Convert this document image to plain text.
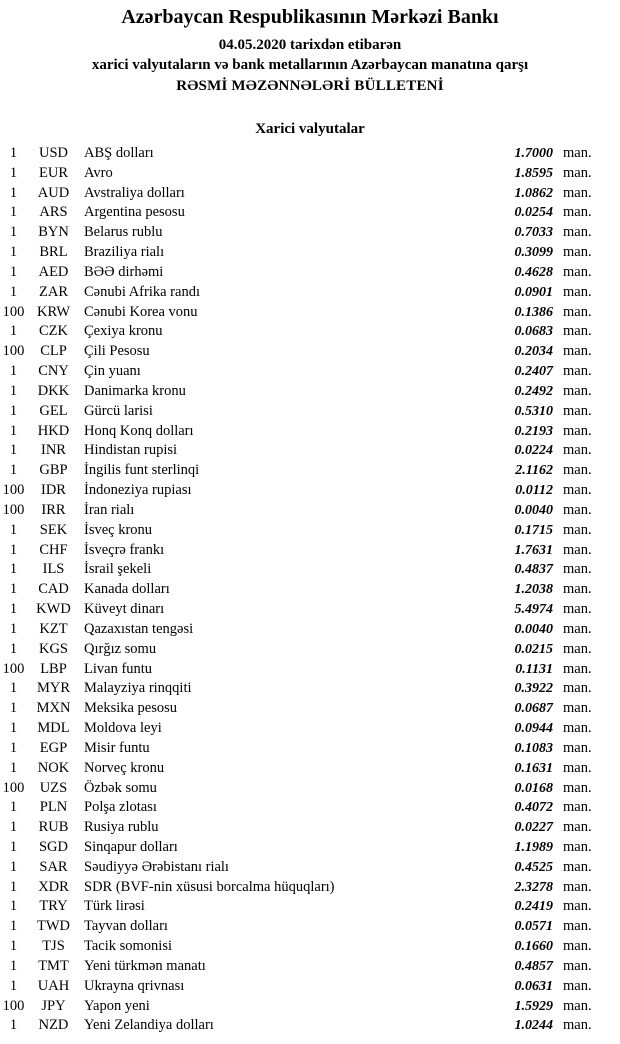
Azərbaycan Respublikasının Mərkəzi Bankı
04.05.2020 tarixdən etibarən
xarici valyutaların və bank metallarının Azərbaycan manatına qarşı
RƏSMİ MƏZƏNNƏLƏRİ BÜLLETENİ
Xarici valyutalar
1	USD	ABŞ dolları	1.7000 man.
1	EUR	Avro	1.8595 man.
1	AUD	Avstraliya dolları	1.0862 man.
1	ARS	Argentina pesosu	0.0254 man.
1	BYN	Belarus rublu	0.7033 man.
1	BRL	Braziliya rialı	0.3099 man.
1	AED	BƏƏ dirhəmi	0.4628 man.
1	ZAR	Cənubi Afrika randı	0.0901 man.
100 KRW Cənubi Korea vonu	0.1386 man.
1	CZK	Çexiya kronu	0.0683 man.
100	CLP	Çili Pesosu	0.2034 man.
1	CNY	Çin yuanı	0.2407 man.
1	DKK	Danimarka kronu	0.2492 man.
1	GEL	Gürcü larisi	0.5310 man.
1	HKD	Honq Konq dolları	0.2193 man.
1	INR	Hindistan rupisi	0.0224 man.
1	GBP	İngilis funt sterlinqi	2.1162 man.
100	IDR	İndoneziya rupiası	0.0112 man.
100	IRR	İran rialı	0.0040 man.
1	SEK	İsveç kronu	0.1715 man.
1	CHF	İsveçrə frankı	1.7631 man.
1	ILS	İsrail şekeli	0.4837 man.
1	CAD	Kanada dolları	1.2038 man.
1	KWD Küveyt dinarı	5.4974 man.
1	KZT	Qazaxıstan tengəsi	0.0040 man.
1	KGS	Qırğız somu	0.0215 man.
100	LBP	Livan funtu	0.1131 man.
1	MYR Malayziya rinqqiti	0.3922 man.
1	MXN Meksika pesosu	0.0687 man.
1	MDL Moldova leyi	0.0944 man.
1	EGP	Misir funtu	0.1083 man.
1	NOK	Norveç kronu	0.1631 man.
100	UZS	Özbək somu	0.0168 man.
1	PLN	Polşa zlotası	0.4072 man.
1	RUB	Rusiya rublu	0.0227 man.
1	SGD	Sinqapur dolları	1.1989 man.
1	SAR	Səudiyyə Ərəbistanı rialı	0.4525 man.
1	XDR	SDR (BVF-nin xüsusi borcalma hüquqları)	2.3278 man.
1	TRY	Türk lirəsi	0.2419 man.
1	TWD Tayvan dolları	0.0571 man.
1	TJS	Tacik somonisi	0.1660 man.
1	TMT	Yeni türkmən manatı	0.4857 man.
1	UAH	Ukrayna qrivnası	0.0631 man.
100	JPY	Yapon yeni	1.5929 man.
1	NZD	Yeni Zelandiya dolları	1.0244 man.
